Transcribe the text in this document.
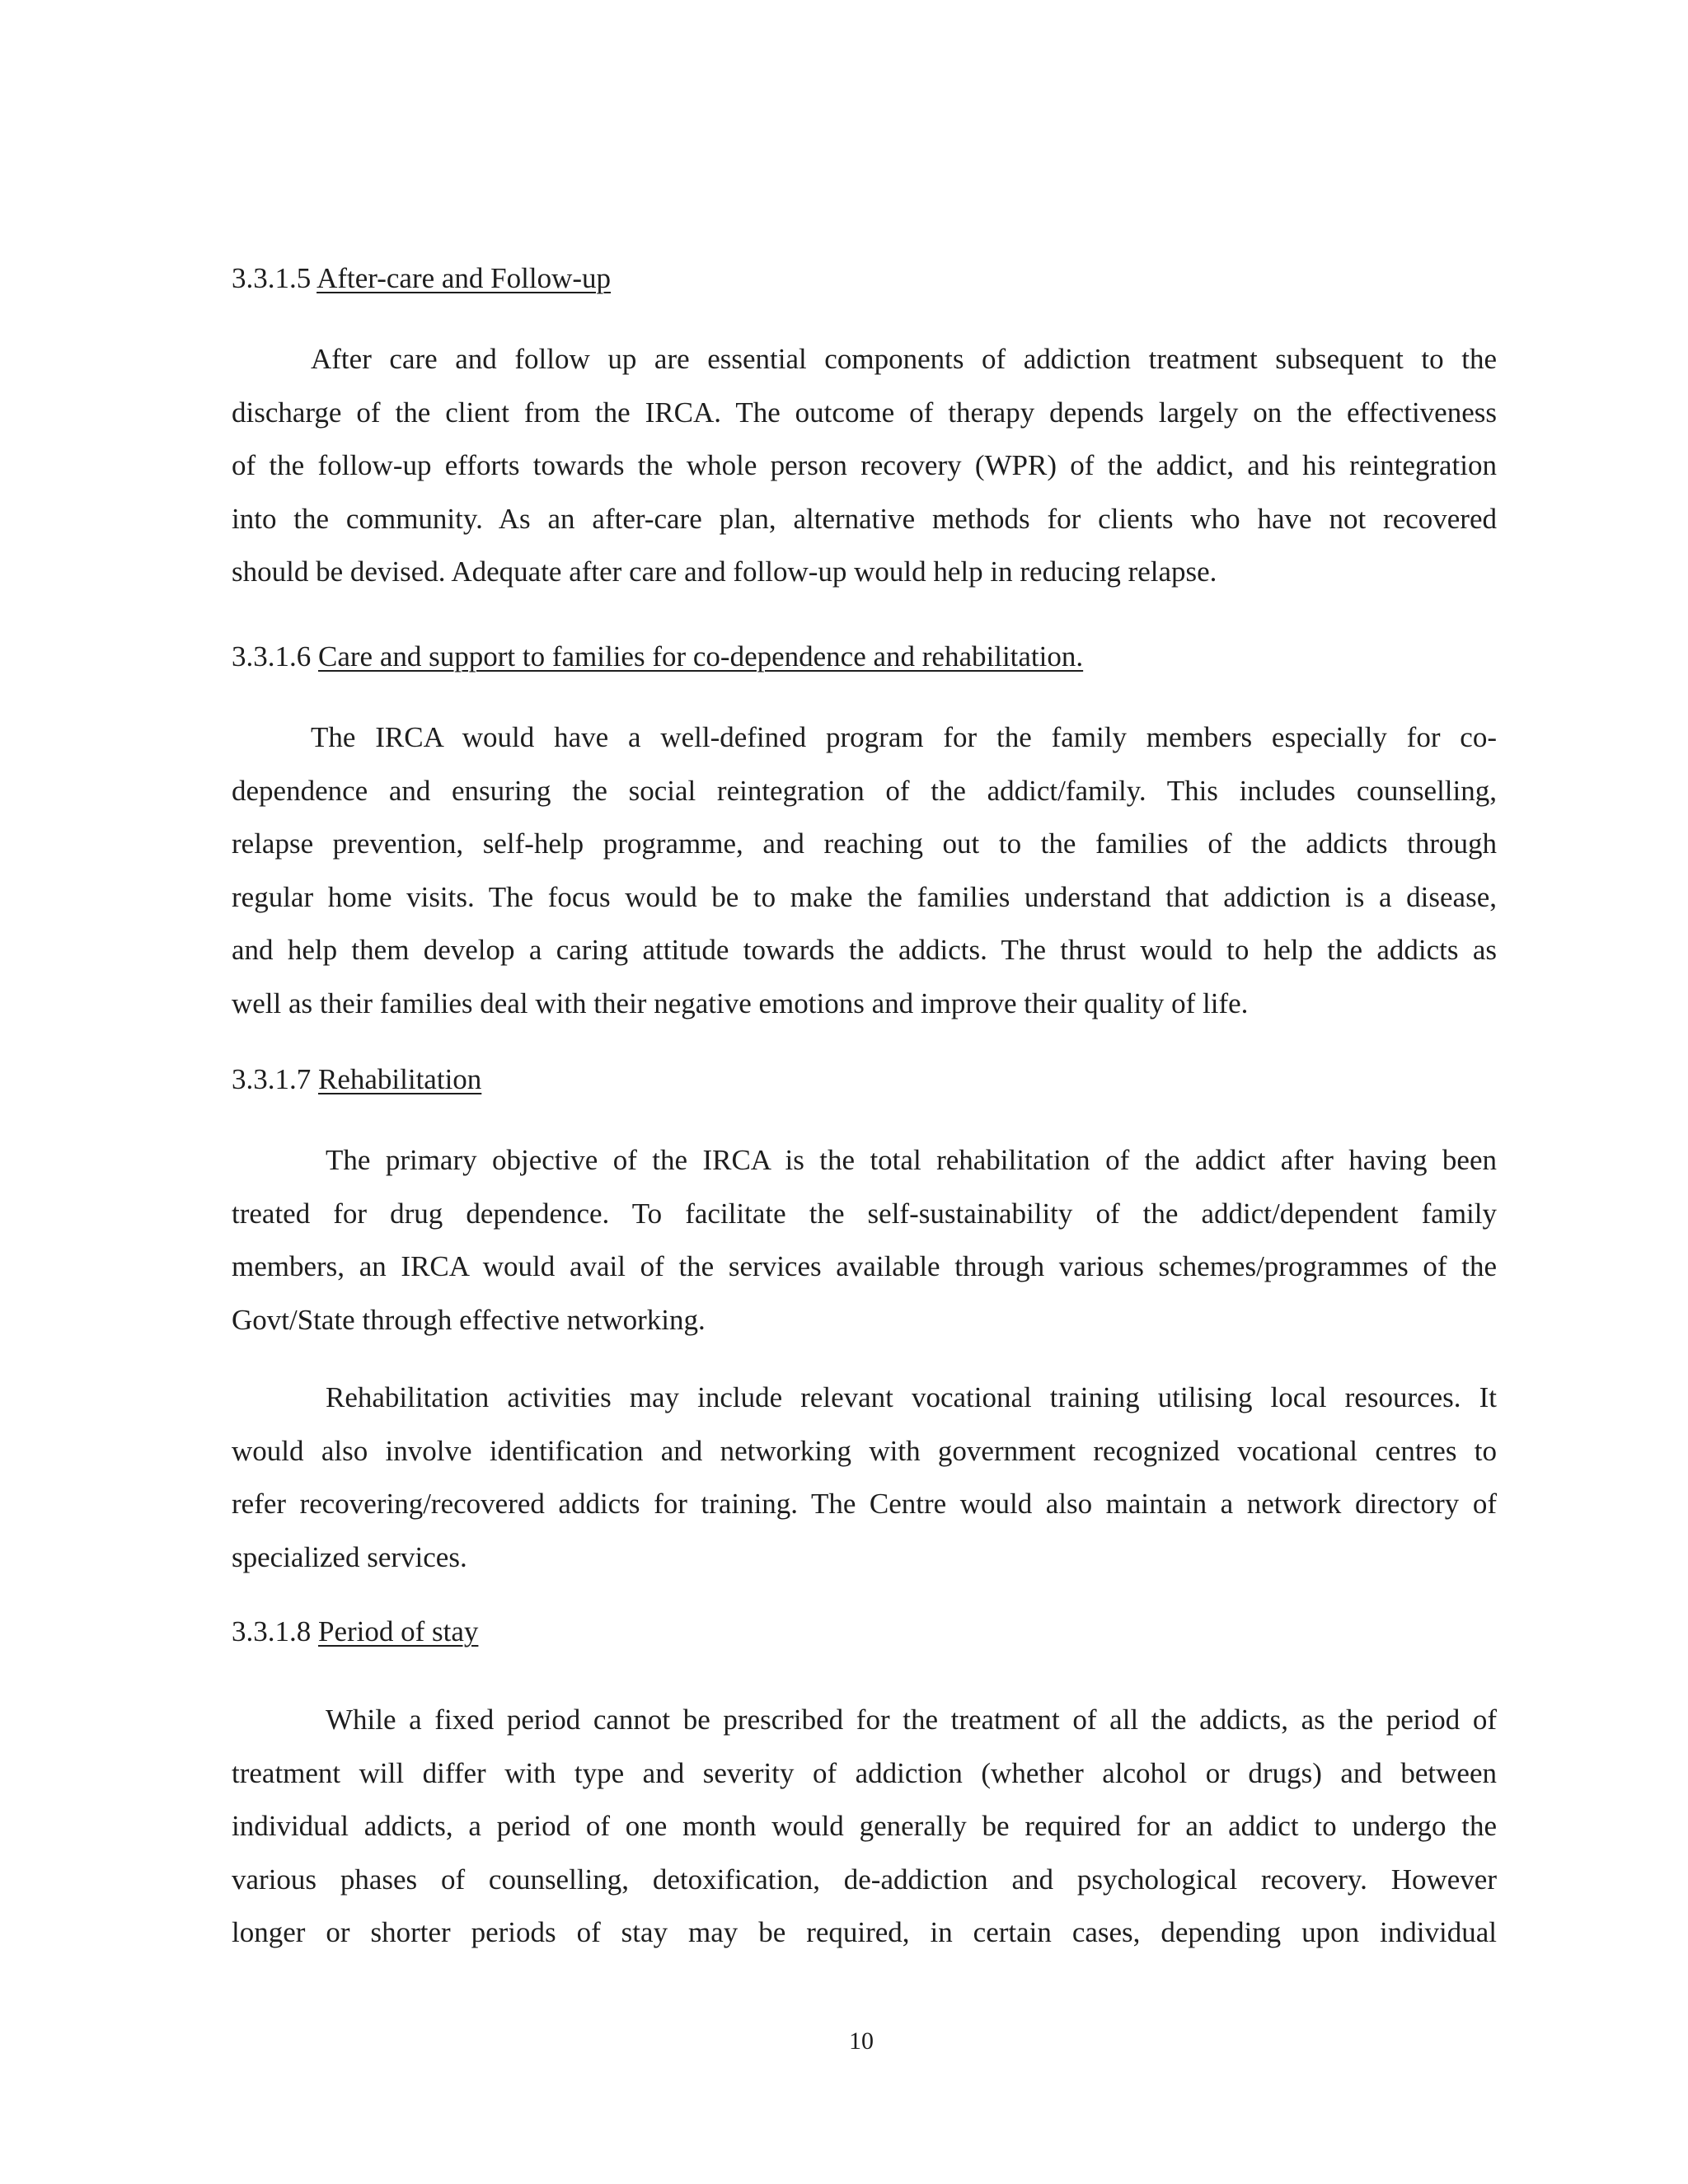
3.3.1.5 After-care and Follow-up
After care and follow up are essential components of addiction treatment subsequent to the
discharge of the client from the IRCA. The outcome of therapy depends largely on the effectiveness
of the follow-up efforts towards the whole person recovery (WPR) of the addict, and his reintegration
into the community. As an after-care plan, alternative methods for clients who have not recovered
should be devised. Adequate after care and follow-up would help in reducing relapse.
3.3.1.6 Care and support to families for co-dependence and rehabilitation.
The IRCA would have a well-defined program for the family members especially for co-
dependence and ensuring the social reintegration of the addict/family. This includes counselling,
relapse prevention, self-help programme, and reaching out to the families of the addicts through
regular home visits. The focus would be to make the families understand that addiction is a disease,
and help them develop a caring attitude towards the addicts. The thrust would to help the addicts as
well as their families deal with their negative emotions and improve their quality of life.
3.3.1.7 Rehabilitation
The primary objective of the IRCA is the total rehabilitation of the addict after having been
treated for drug dependence. To facilitate the self-sustainability of the addict/dependent family
members, an IRCA would avail of the services available through various schemes/programmes of the
Govt/State through effective networking.
Rehabilitation activities may include relevant vocational training utilising local resources. It
would also involve identification and networking with government recognized vocational centres to
refer recovering/recovered addicts for training. The Centre would also maintain a network directory of
specialized services.
3.3.1.8 Period of stay
While a fixed period cannot be prescribed for the treatment of all the addicts, as the period of
treatment will differ with type and severity of addiction (whether alcohol or drugs) and between
individual addicts, a period of one month would generally be required for an addict to undergo the
various phases of counselling, detoxification, de-addiction and psychological recovery. However
longer or shorter periods of stay may be required, in certain cases, depending upon individual
10
